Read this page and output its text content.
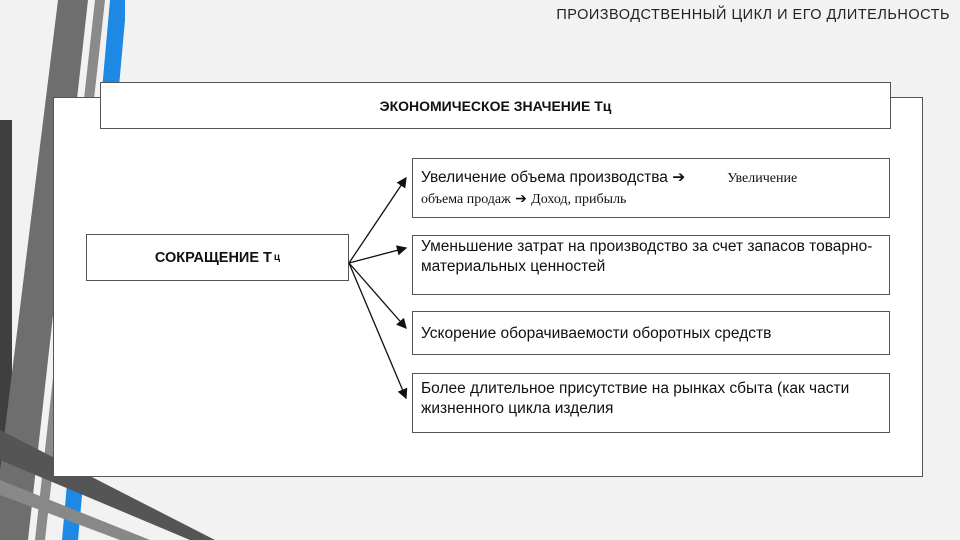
ПРОИЗВОДСТВЕННЫЙ ЦИКЛ И ЕГО ДЛИТЕЛЬНОСТЬ
ЭКОНОМИЧЕСКОЕ ЗНАЧЕНИЕ Тц
СОКРАЩЕНИЕ Т ц
Увеличение объема производства ➔	Увеличение
объема продаж ➔ Доход, прибыль
Уменьшение затрат на производство за счет запасов товарно-материальных ценностей
Ускорение оборачиваемости оборотных средств
Более длительное присутствие на рынках сбыта (как части жизненного цикла изделия
